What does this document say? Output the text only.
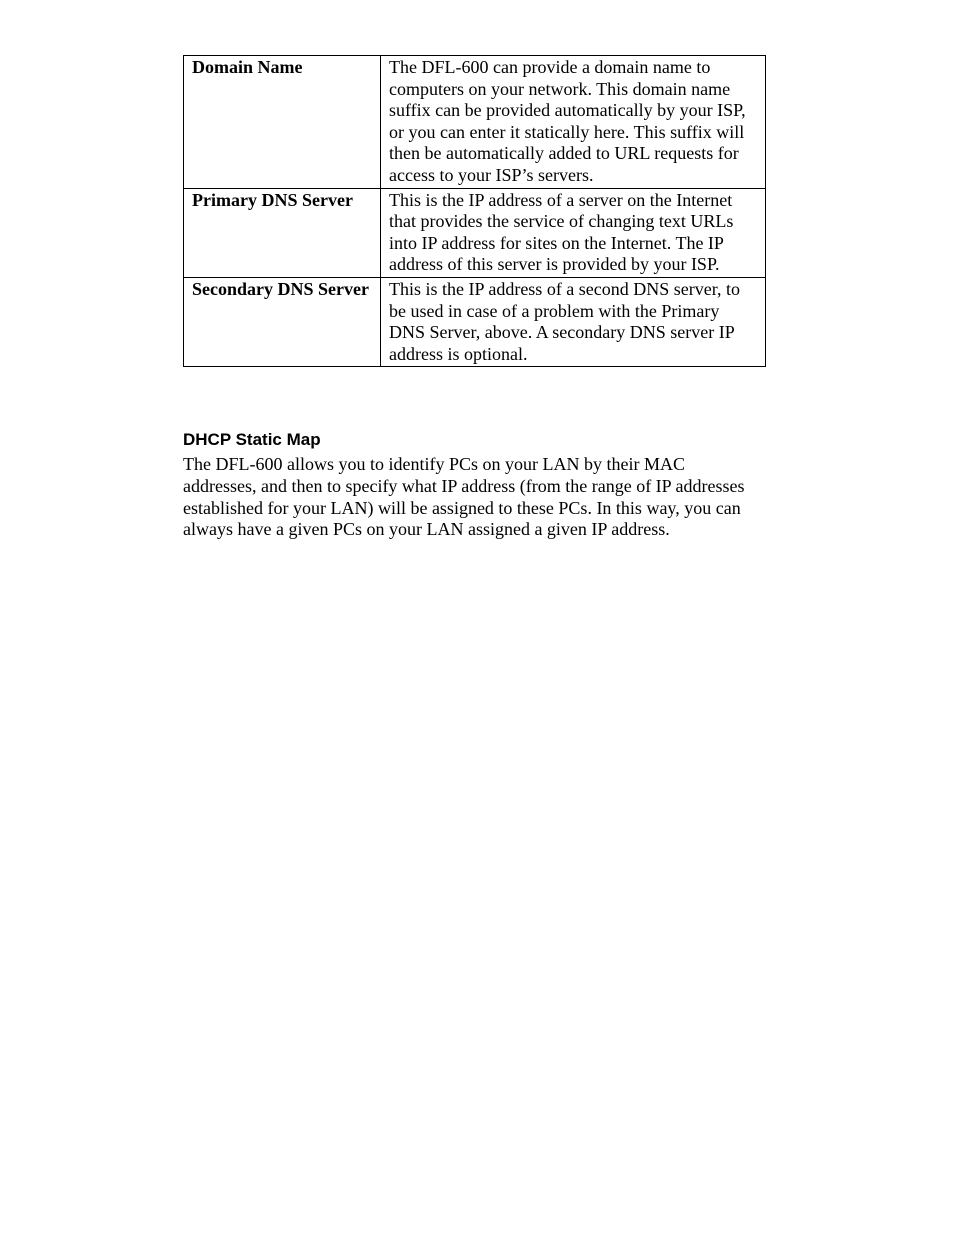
Domain Name	The DFL-600 can provide a domain name to computers on your network. This domain name suffix can be provided automatically by your ISP, or you can enter it statically here. This suffix will then be automatically added to URL requests for access to your ISP’s servers.
Primary DNS Server	This is the IP address of a server on the Internet that provides the service of changing text URLs into IP address for sites on the Internet. The IP address of this server is provided by your ISP.
Secondary DNS Server	This is the IP address of a second DNS server, to be used in case of a problem with the Primary DNS Server, above. A secondary DNS server IP address is optional.
DHCP Static Map
The DFL-600 allows you to identify PCs on your LAN by their MAC addresses, and then to specify what IP address (from the range of IP addresses established for your LAN) will be assigned to these PCs. In this way, you can always have a given PCs on your LAN assigned a given IP address.
